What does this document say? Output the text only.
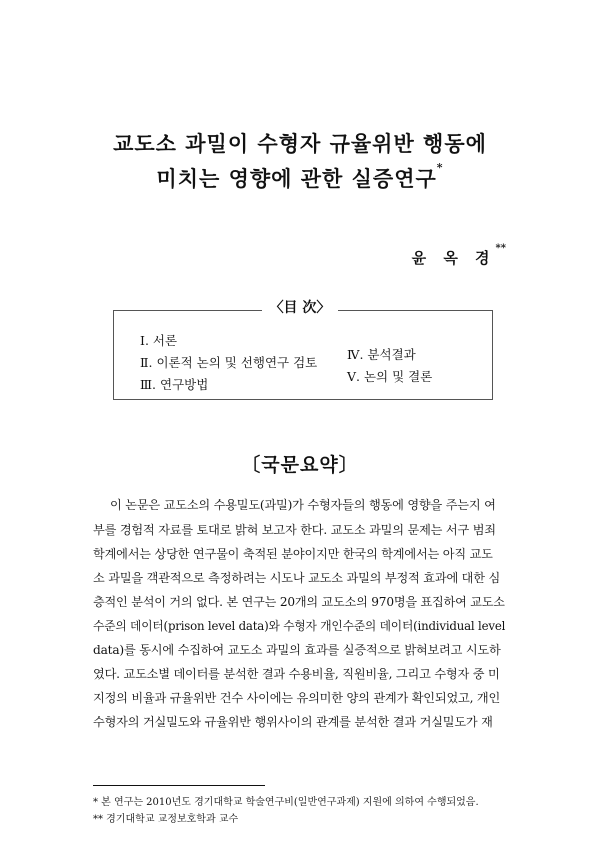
교도소 과밀이 수형자 규율위반 행동에
미치는 영향에 관한 실증연구*
윤 옥 경**
〈目 次〉
Ⅰ. 서론
Ⅱ. 이론적 논의 및 선행연구 검토
Ⅲ. 연구방법
Ⅳ. 분석결과
Ⅴ. 논의 및 결론
〔국문요약〕
이 논문은 교도소의 수용밀도(과밀)가 수형자들의 행동에 영향을 주는지 여
부를 경험적 자료를 토대로 밝혀 보고자 한다. 교도소 과밀의 문제는 서구 범죄
학계에서는 상당한 연구물이 축적된 분야이지만 한국의 학계에서는 아직 교도
소 과밀을 객관적으로 측정하려는 시도나 교도소 과밀의 부정적 효과에 대한 심
층적인 분석이 거의 없다. 본 연구는 20개의 교도소의 970명을 표집하여 교도소
수준의 데이터(prison level data)와 수형자 개인수준의 데이터(individual level
data)를 동시에 수집하여 교도소 과밀의 효과를 실증적으로 밝혀보려고 시도하
였다. 교도소별 데이터를 분석한 결과 수용비율, 직원비율, 그리고 수형자 중 미
지정의 비율과 규율위반 건수 사이에는 유의미한 양의 관계가 확인되었고, 개인
수형자의 거실밀도와 규율위반 행위사이의 관계를 분석한 결과 거실밀도가 재
* 본 연구는 2010년도 경기대학교 학술연구비(일반연구과제) 지원에 의하여 수행되었음.
** 경기대학교 교정보호학과 교수
